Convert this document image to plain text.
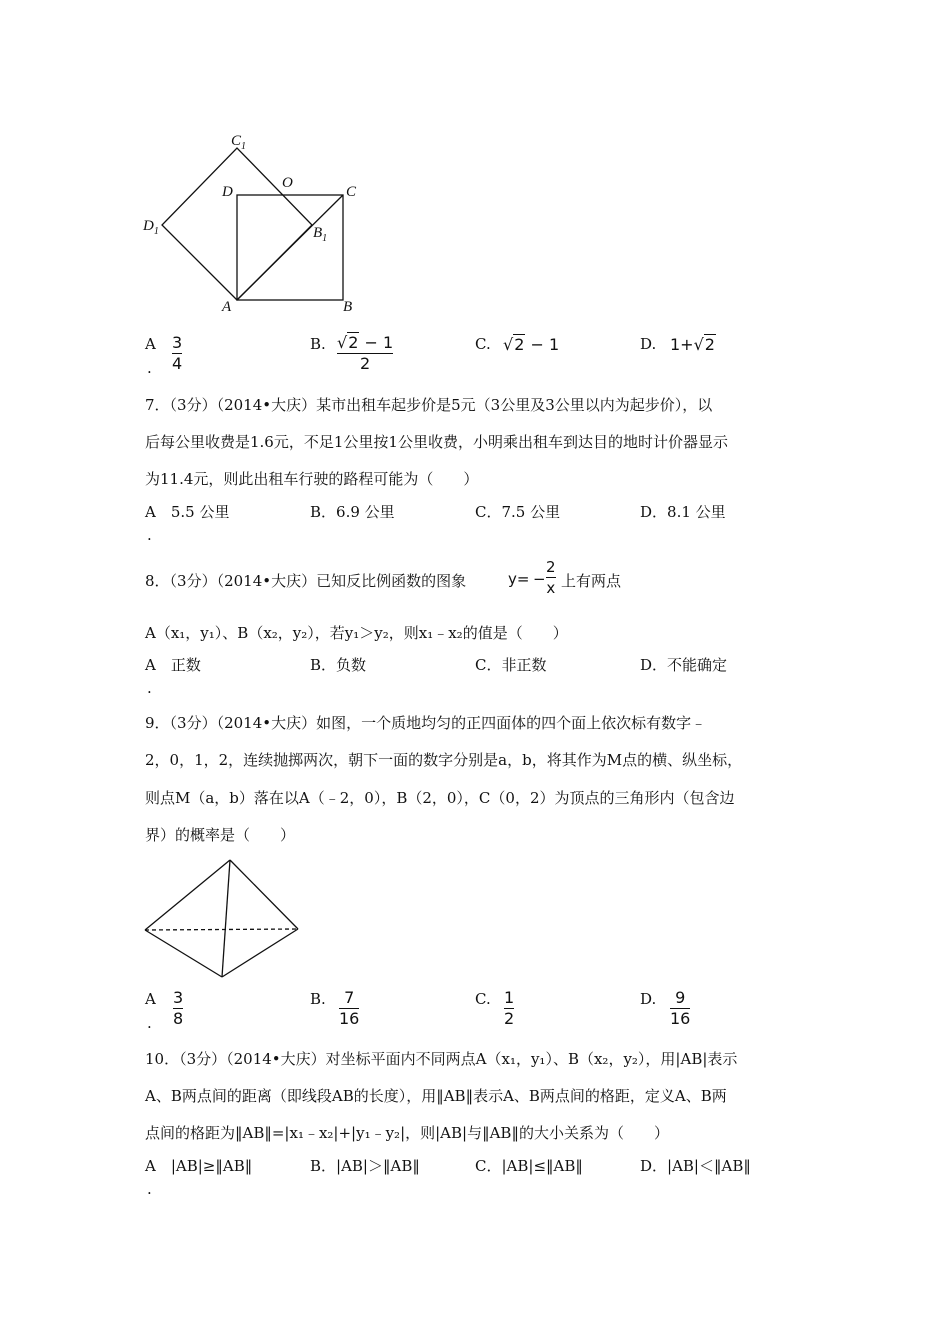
$C_1$
$D_1$
D
O
C
$B_1$
A	B
A
.
3
4
B. √2 − 1
2
C. √2 − 1	D. 1+√2
7．（3分）（2014•大庆）某市出租车起步价是5元（3公里及3公里以内为起步价），以
后每公里收费是1.6元，不足1公里按1公里收费，小明乘出租车到达目的地时计价器显示
为11.4元，则此出租车行驶的路程可能为（　　）
A　5.5 公里	B．6.9 公里	C．7.5 公里	D．8.1 公里
.
8．（3分）（2014•大庆）已知反比例函数的图象	y= −
2
x 上有两点
A（x₁，y₁）、B（x₂，y₂），若y₁＞y₂，则x₁﹣x₂的值是（　　）
A　正数	B．负数	C．非正数	D．不能确定
.
9．（3分）（2014•大庆）如图，一个质地均匀的正四面体的四个面上依次标有数字﹣
2，0，1，2，连续抛掷两次，朝下一面的数字分别是a，b，将其作为M点的横、纵坐标，
则点M（a，b）落在以A（﹣2，0），B（2，0），C（0，2）为顶点的三角形内（包含边
界）的概率是（　　）
A
.
3
8
B.	7
16
C. 1
2
D.	9
16
10．（3分）（2014•大庆）对坐标平面内不同两点A（x₁，y₁）、B（x₂，y₂），用|AB|表示
A、B两点间的距离（即线段AB的长度），用‖AB‖表示A、B两点间的格距，定义A、B两
点间的格距为‖AB‖=|x₁﹣x₂|+|y₁﹣y₂|，则|AB|与‖AB‖的大小关系为（　　）
A　|AB|≥‖AB‖	B．|AB|＞‖AB‖	C．|AB|≤‖AB‖	D．|AB|＜‖AB‖
.
